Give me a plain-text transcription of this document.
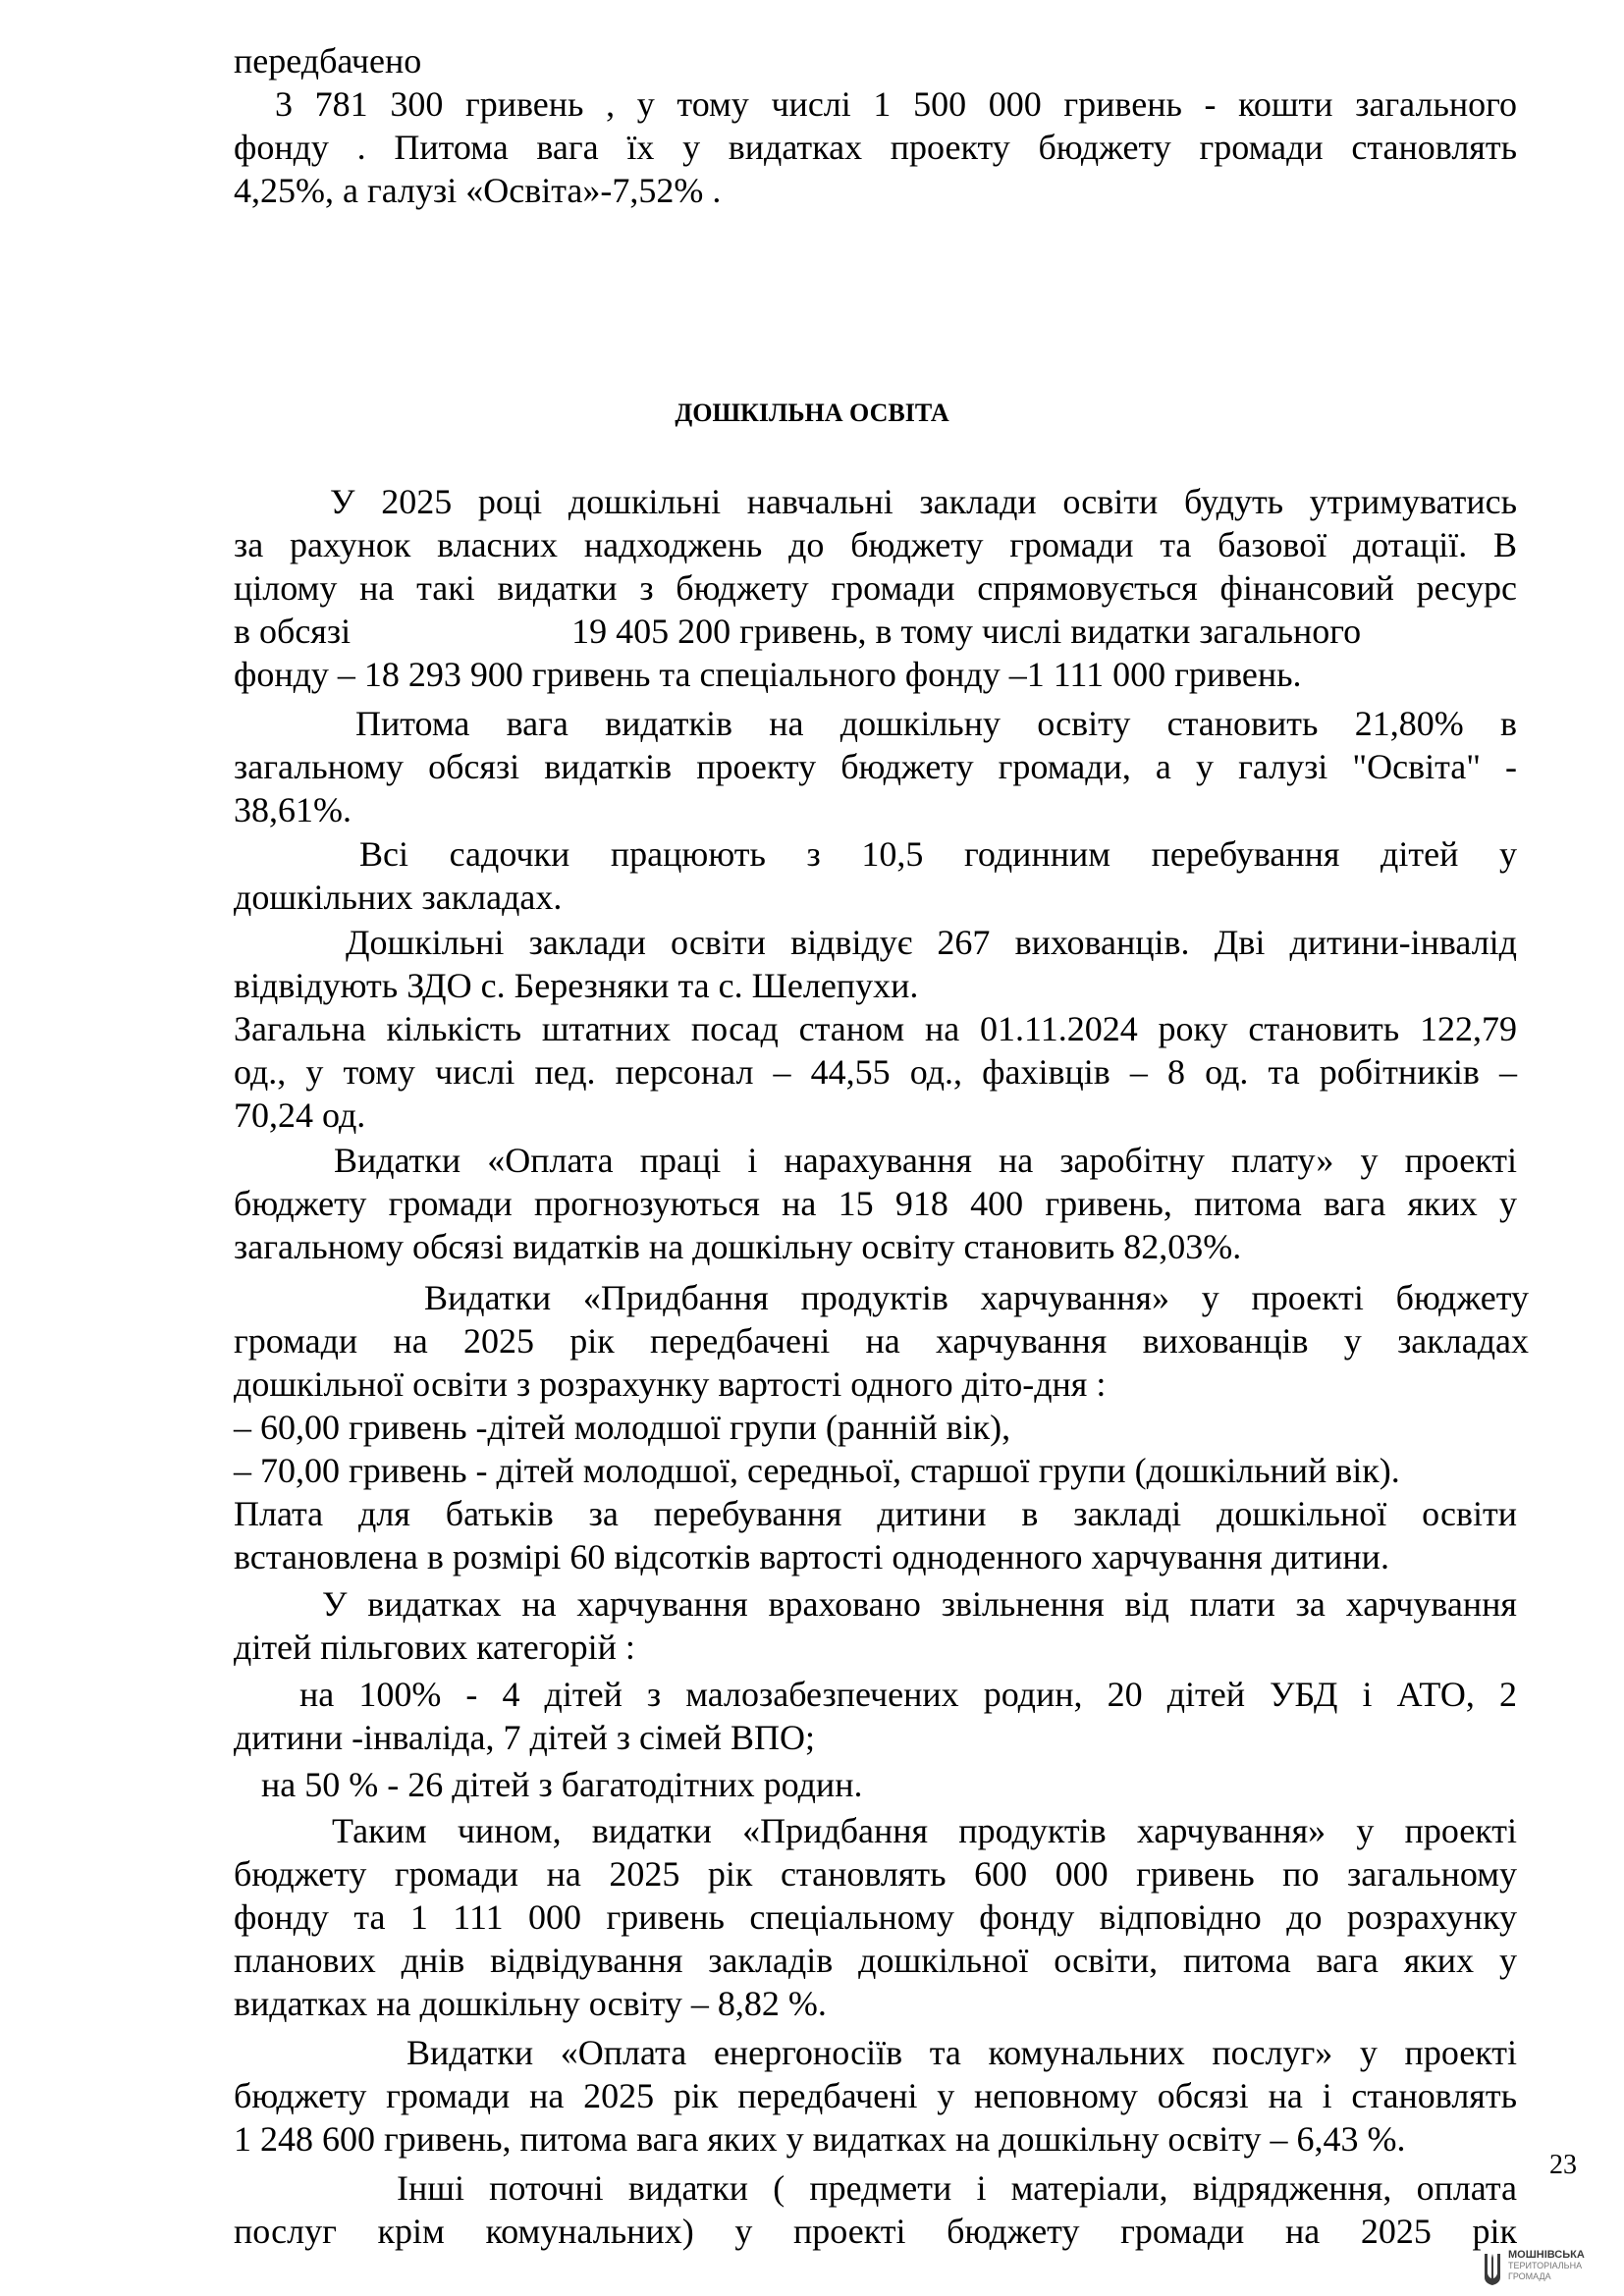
передбачено
3 781 300 гривень , у тому числі 1 500 000 гривень - кошти загального
фонду . Питома вага їх у видатках проекту бюджету громади становлять
4,25%, а галузі «Освіта»-7,52% .
ДОШКІЛЬНА ОСВІТА
У 2025 році дошкільні навчальні заклади освіти будуть утримуватись
за рахунок власних надходжень до бюджету громади та базової дотації. В
цілому на такі видатки з бюджету громади спрямовується фінансовий ресурс
в обсязі                         19 405 200 гривень, в тому числі видатки загального
фонду – 18 293 900 гривень та спеціального фонду –1 111 000 гривень.
Питома вага видатків на дошкільну освіту становить 21,80% в
загальному обсязі видатків проекту бюджету громади, а у галузі "Освіта" -
38,61%.
Всі садочки працюють з 10,5 годинним перебування дітей у
дошкільних закладах.
Дошкільні заклади освіти відвідує 267 вихованців. Дві дитини-інвалід
відвідують ЗДО с. Березняки та с. Шелепухи.
Загальна кількість штатних посад станом на 01.11.2024 року становить 122,79
од., у тому числі пед. персонал – 44,55 од., фахівців – 8 од. та робітників –
70,24 од.
Видатки «Оплата праці і нарахування на заробітну плату» у проекті
бюджету громади прогнозуються на 15 918 400 гривень, питома вага яких у
загальному обсязі видатків на дошкільну освіту становить 82,03%.
Видатки «Придбання продуктів харчування» у проекті бюджету
громади на 2025 рік передбачені на харчування вихованців у закладах
дошкільної освіти з розрахунку вартості одного діто-дня :
– 60,00 гривень -дітей молодшої групи (ранній вік),
– 70,00 гривень - дітей молодшої, середньої, старшої групи (дошкільний вік).
Плата для батьків за перебування дитини в закладі дошкільної освіти
встановлена в розмірі 60 відсотків вартості одноденного харчування дитини.
У видатках на харчування враховано звільнення від плати за харчування
дітей пільгових категорій :
на 100% - 4 дітей з малозабезпечених родин, 20 дітей УБД і АТО, 2
дитини -інваліда, 7 дітей з сімей ВПО;
на 50 % - 26 дітей з багатодітних родин.
Таким чином, видатки «Придбання продуктів харчування» у проекті
бюджету громади на 2025 рік становлять 600 000 гривень по загальному
фонду та 1 111 000 гривень спеціальному фонду відповідно до розрахунку
планових днів відвідування закладів дошкільної освіти, питома вага яких у
видатках на дошкільну освіту – 8,82 %.
Видатки «Оплата енергоносіїв та комунальних послуг» у проекті
бюджету громади на 2025 рік передбачені у неповному обсязі на і становлять
1 248 600 гривень, питома вага яких у видатках на дошкільну освіту – 6,43 %.
Інші поточні видатки ( предмети і матеріали, відрядження, оплата
послуг крім комунальних) у проекті бюджету громади на 2025 рік
23
МОШНІВСЬКА
ТЕРИТОРІАЛЬНА
ГРОМАДА
